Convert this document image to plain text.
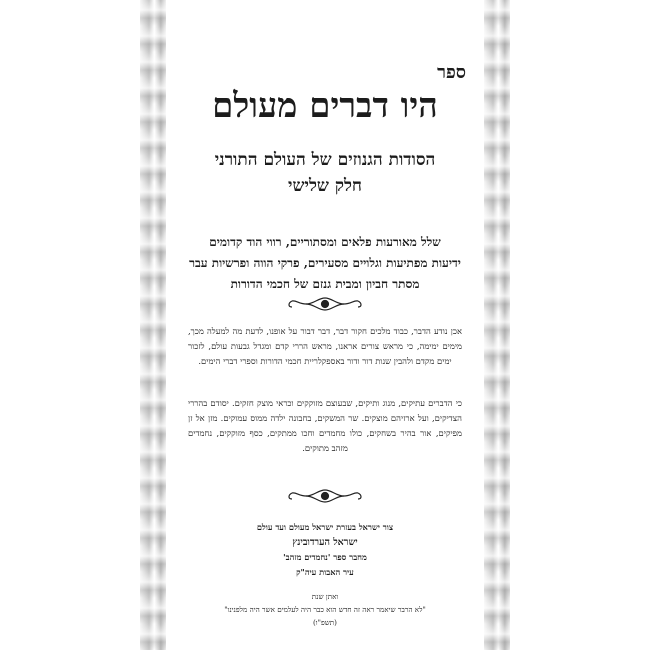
ספר
היו דברים מעולם
הסודות הגנוזים של העולם התורני
חלק שלישי
שלל מאורעות פלאים ומסתוריים, רווי הוד קדומים
ידיעות מפתיעות וגלויים מסעירים, פרקי הווה ופרשיות עבר
מסתר חביון ומבית גנזם של חכמי הדורות
אכן נודע הדבר, כבוד מלכים חקור דבר, דבר דבור על אופנו, לדעת מה למעלה מכך, מימים ימימה, כי מראש צורים אראנו, מראש הררי קדם ומגדל גבעות עולם, לזכור ימים מקדם ולהבין שנות דור ודור באספקלריית חכמי הדורות וספרי דברי הימים.
כי הדברים עתיקים, מנוג ותיקים, שבעוצם מזוקקים וכראי מוצק חזקים. יסודם בהררי הצדיקים, ועל ארזיהם מוצקים. שר המשקים, בחבונה ילדה ממוס עמוקים. מזן אל זן מפיקים, אור בהיר בשחקים, כולו מחמדים וחכו ממתקים, כסף מזוקקים, נחמדים מזהב מתוקים.
צור ישראל בעזרת ישראל מעולם ועד עולם
ישראל הערדובינץ
מחבר ספר 'נחמדים מזהב'
עיר האבות עיה"ק
ואתן שנת
"לא הרבר שיאמר ראה זה חדש הוא כבר היה לעלמים אשר היה מלפנינו"
(תשפ"ו)
